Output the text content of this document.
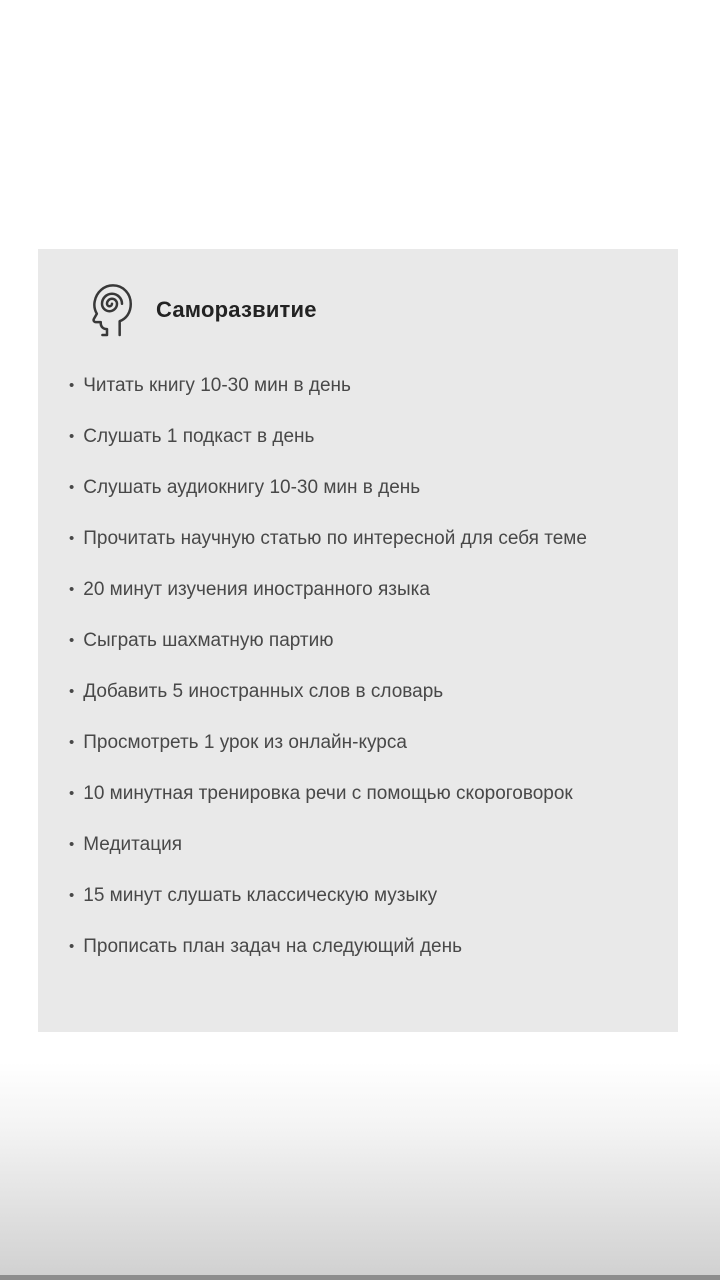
Саморазвитие
• Читать книгу 10-30 мин в день
• Слушать 1 подкаст в день
• Слушать аудиокнигу 10-30 мин в день
• Прочитать научную статью по интересной для себя теме
• 20 минут изучения иностранного языка
• Сыграть шахматную партию
• Добавить 5 иностранных слов в словарь
• Просмотреть 1 урок из онлайн-курса
• 10 минутная тренировка речи с помощью скороговорок
• Медитация
• 15 минут слушать классическую музыку
• Прописать план задач на следующий день
